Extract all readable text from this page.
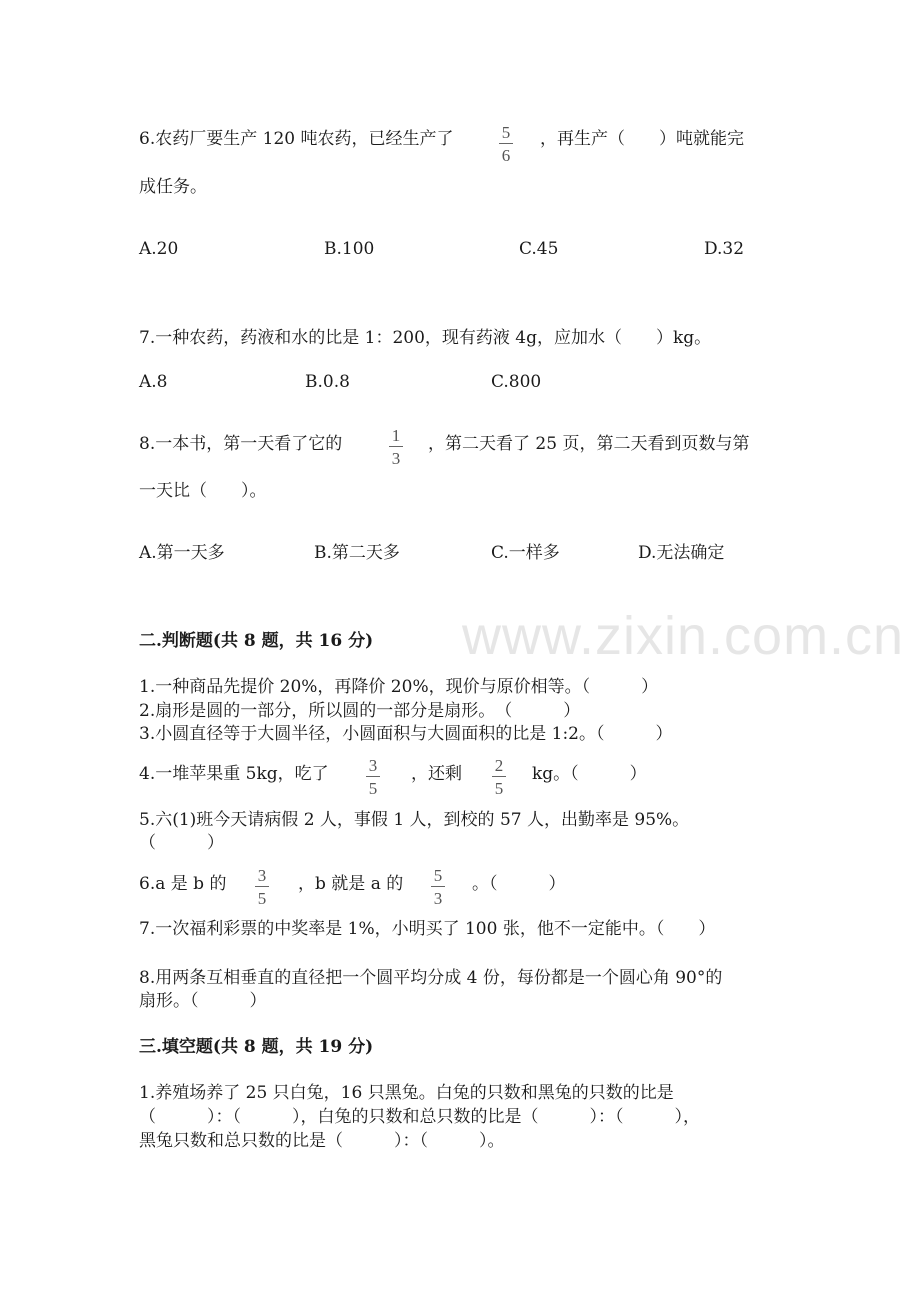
www.zixin.com.cn
6.农药厂要生产 120 吨农药，已经生产了	5
6
，再生产（　　）吨就能完
成任务。
A.20	B.100	C.45	D.32
7.一种农药，药液和水的比是 1：200，现有药液 4g，应加水（　　）kg。
A.8	B.0.8	C.800
8.一本书，第一天看了它的	1
3
，第二天看了 25 页，第二天看到页数与第
一天比（　　）。
A.第一天多	B.第二天多	C.一样多	D.无法确定
二.判断题(共 8 题，共 16 分)
1.一种商品先提价 20%，再降价 20%，现价与原价相等。（　　　）
2.扇形是圆的一部分，所以圆的一部分是扇形。　（　　　）
3.小圆直径等于大圆半径，小圆面积与大圆面积的比是 1:2。（　　　）
4.一堆苹果重 5kg，吃了 3
5
，还剩 2
5
kg。（　　　）
5.六(1)班今天请病假 2 人，事假 1 人，到校的 57 人，出勤率是 95%。
（　　　）
6.a 是 b 的 3
5
，b 就是 a 的 5
3
。（　　　）
7.一次福利彩票的中奖率是 1%，小明买了 100 张，他不一定能中。（　　）
8.用两条互相垂直的直径把一个圆平均分成 4 份，每份都是一个圆心角 90°的
扇形。（　　　）
三.填空题(共 8 题，共 19 分)
1.养殖场养了 25 只白兔，16 只黑兔。白兔的只数和黑兔的只数的比是
（　　　）：（　　　），白兔的只数和总只数的比是（　　　）：（　　　），
黑兔只数和总只数的比是（　　　）：（　　　）。
